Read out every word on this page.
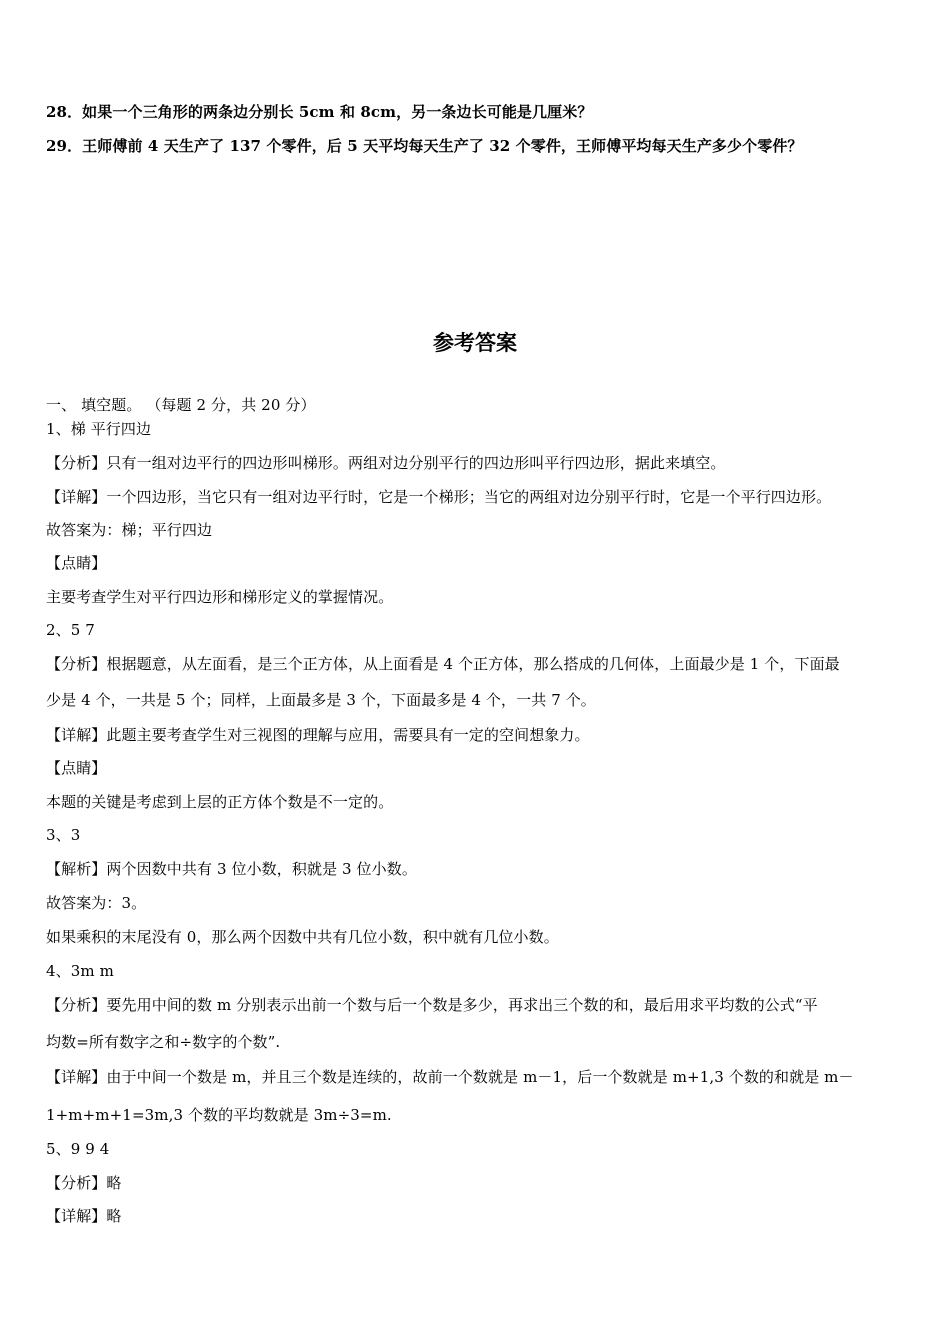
28．如果一个三角形的两条边分别长 5cm 和 8cm，另一条边长可能是几厘米？
29．王师傅前 4 天生产了 137 个零件，后 5 天平均每天生产了 32 个零件，王师傅平均每天生产多少个零件？
参考答案
一、 填空题。 （每题 2 分，共 20 分）
1、梯 平行四边
【分析】只有一组对边平行的四边形叫梯形。两组对边分别平行的四边形叫平行四边形，据此来填空。
【详解】一个四边形，当它只有一组对边平行时，它是一个梯形；当它的两组对边分别平行时，它是一个平行四边形。
故答案为：梯；平行四边
【点睛】
主要考查学生对平行四边形和梯形定义的掌握情况。
2、5 7
【分析】根据题意，从左面看，是三个正方体，从上面看是 4 个正方体，那么搭成的几何体，上面最少是 1 个，下面最
少是 4 个，一共是 5 个；同样，上面最多是 3 个，下面最多是 4 个，一共 7 个。
【详解】此题主要考查学生对三视图的理解与应用，需要具有一定的空间想象力。
【点睛】
本题的关键是考虑到上层的正方体个数是不一定的。
3、3
【解析】两个因数中共有 3 位小数，积就是 3 位小数。
故答案为：3。
如果乘积的末尾没有 0，那么两个因数中共有几位小数，积中就有几位小数。
4、3m m
【分析】要先用中间的数 m 分别表示出前一个数与后一个数是多少，再求出三个数的和，最后用求平均数的公式“平
均数=所有数字之和÷数字的个数”.
【详解】由于中间一个数是 m，并且三个数是连续的，故前一个数就是 m－1，后一个数就是 m+1,3 个数的和就是 m－
1+m+m+1=3m,3 个数的平均数就是 3m÷3=m.
5、9 9 4
【分析】略
【详解】略
